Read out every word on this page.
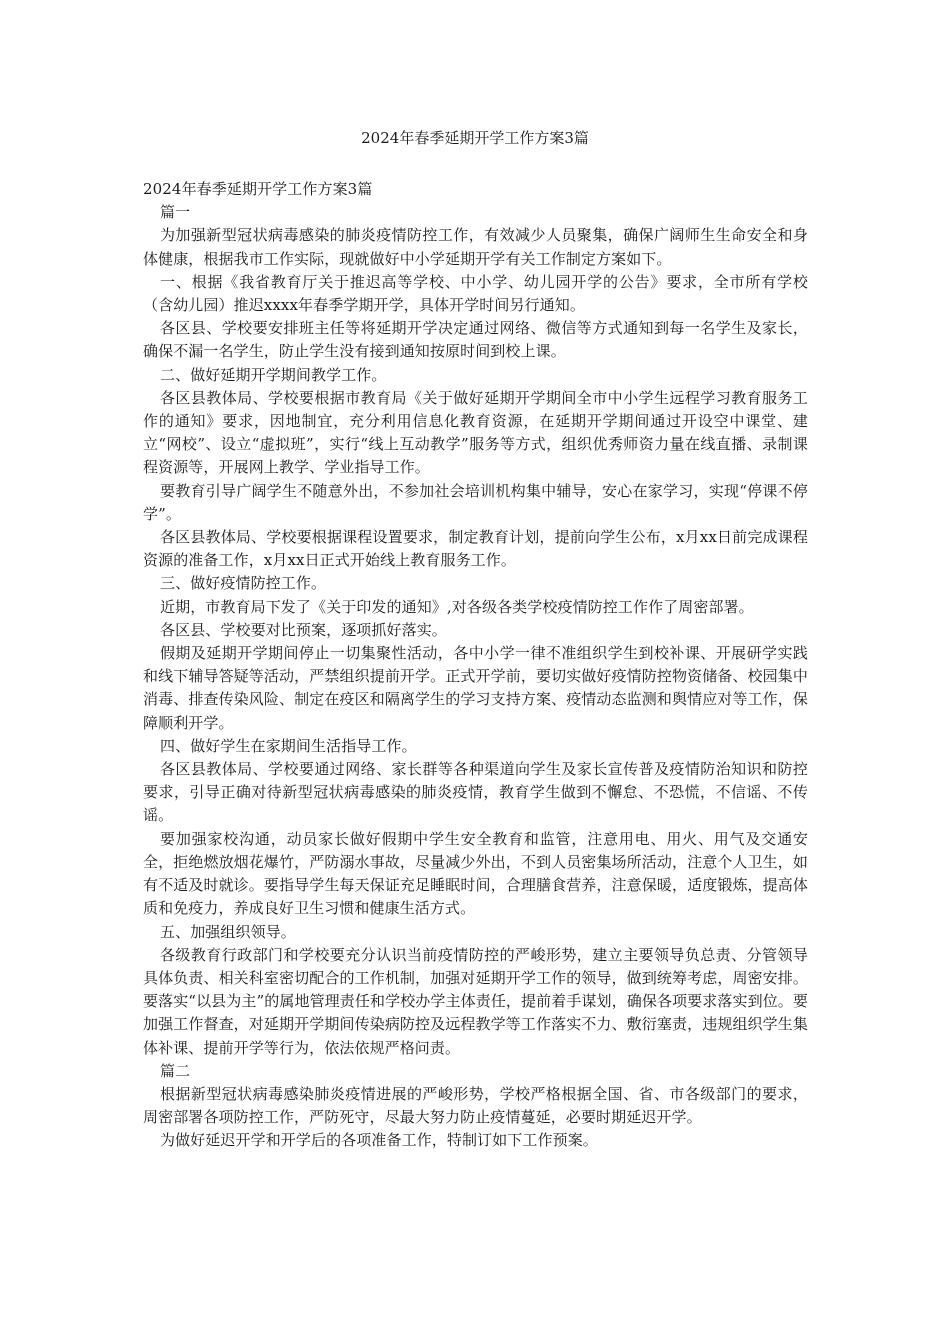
2024年春季延期开学工作方案3篇

2024年春季延期开学工作方案3篇

篇一

为加强新型冠状病毒感染的肺炎疫情防控工作，有效减少人员聚集，确保广阔师生生命安全和身体健康，根据我市工作实际，现就做好中小学延期开学有关工作制定方案如下。

一、根据《我省教育厅关于推迟高等学校、中小学、幼儿园开学的公告》要求，全市所有学校（含幼儿园）推迟xxxx年春季学期开学，具体开学时间另行通知。

各区县、学校要安排班主任等将延期开学决定通过网络、微信等方式通知到每一名学生及家长，确保不漏一名学生，防止学生没有接到通知按原时间到校上课。

二、做好延期开学期间教学工作。

各区县教体局、学校要根据市教育局《关于做好延期开学期间全市中小学生远程学习教育服务工作的通知》要求，因地制宜，充分利用信息化教育资源，在延期开学期间通过开设空中课堂、建立“网校”、设立“虚拟班”，实行“线上互动教学”服务等方式，组织优秀师资力量在线直播、录制课程资源等，开展网上教学、学业指导工作。

要教育引导广阔学生不随意外出，不参加社会培训机构集中辅导，安心在家学习，实现“停课不停学”。

各区县教体局、学校要根据课程设置要求，制定教育计划，提前向学生公布，x月xx日前完成课程资源的准备工作，x月xx日正式开始线上教育服务工作。

三、做好疫情防控工作。

近期，市教育局下发了《关于印发的通知》,对各级各类学校疫情防控工作作了周密部署。

各区县、学校要对比预案，逐项抓好落实。

假期及延期开学期间停止一切集聚性活动，各中小学一律不准组织学生到校补课、开展研学实践和线下辅导答疑等活动，严禁组织提前开学。正式开学前，要切实做好疫情防控物资储备、校园集中消毒、排查传染风险、制定在疫区和隔离学生的学习支持方案、疫情动态监测和舆情应对等工作，保障顺利开学。

四、做好学生在家期间生活指导工作。

各区县教体局、学校要通过网络、家长群等各种渠道向学生及家长宣传普及疫情防治知识和防控要求，引导正确对待新型冠状病毒感染的肺炎疫情，教育学生做到不懈怠、不恐慌，不信谣、不传谣。

要加强家校沟通，动员家长做好假期中学生安全教育和监管，注意用电、用火、用气及交通安全，拒绝燃放烟花爆竹，严防溺水事故，尽量减少外出，不到人员密集场所活动，注意个人卫生，如有不适及时就诊。要指导学生每天保证充足睡眠时间，合理膳食营养，注意保暖，适度锻炼，提高体质和免疫力，养成良好卫生习惯和健康生活方式。

五、加强组织领导。

各级教育行政部门和学校要充分认识当前疫情防控的严峻形势，建立主要领导负总责、分管领导具体负责、相关科室密切配合的工作机制，加强对延期开学工作的领导，做到统筹考虑，周密安排。要落实“以县为主”的属地管理责任和学校办学主体责任，提前着手谋划，确保各项要求落实到位。要加强工作督查，对延期开学期间传染病防控及远程教学等工作落实不力、敷衍塞责，违规组织学生集体补课、提前开学等行为，依法依规严格问责。

篇二

根据新型冠状病毒感染肺炎疫情进展的严峻形势，学校严格根据全国、省、市各级部门的要求，周密部署各项防控工作，严防死守，尽最大努力防止疫情蔓延，必要时期延迟开学。

为做好延迟开学和开学后的各项准备工作，特制订如下工作预案。
